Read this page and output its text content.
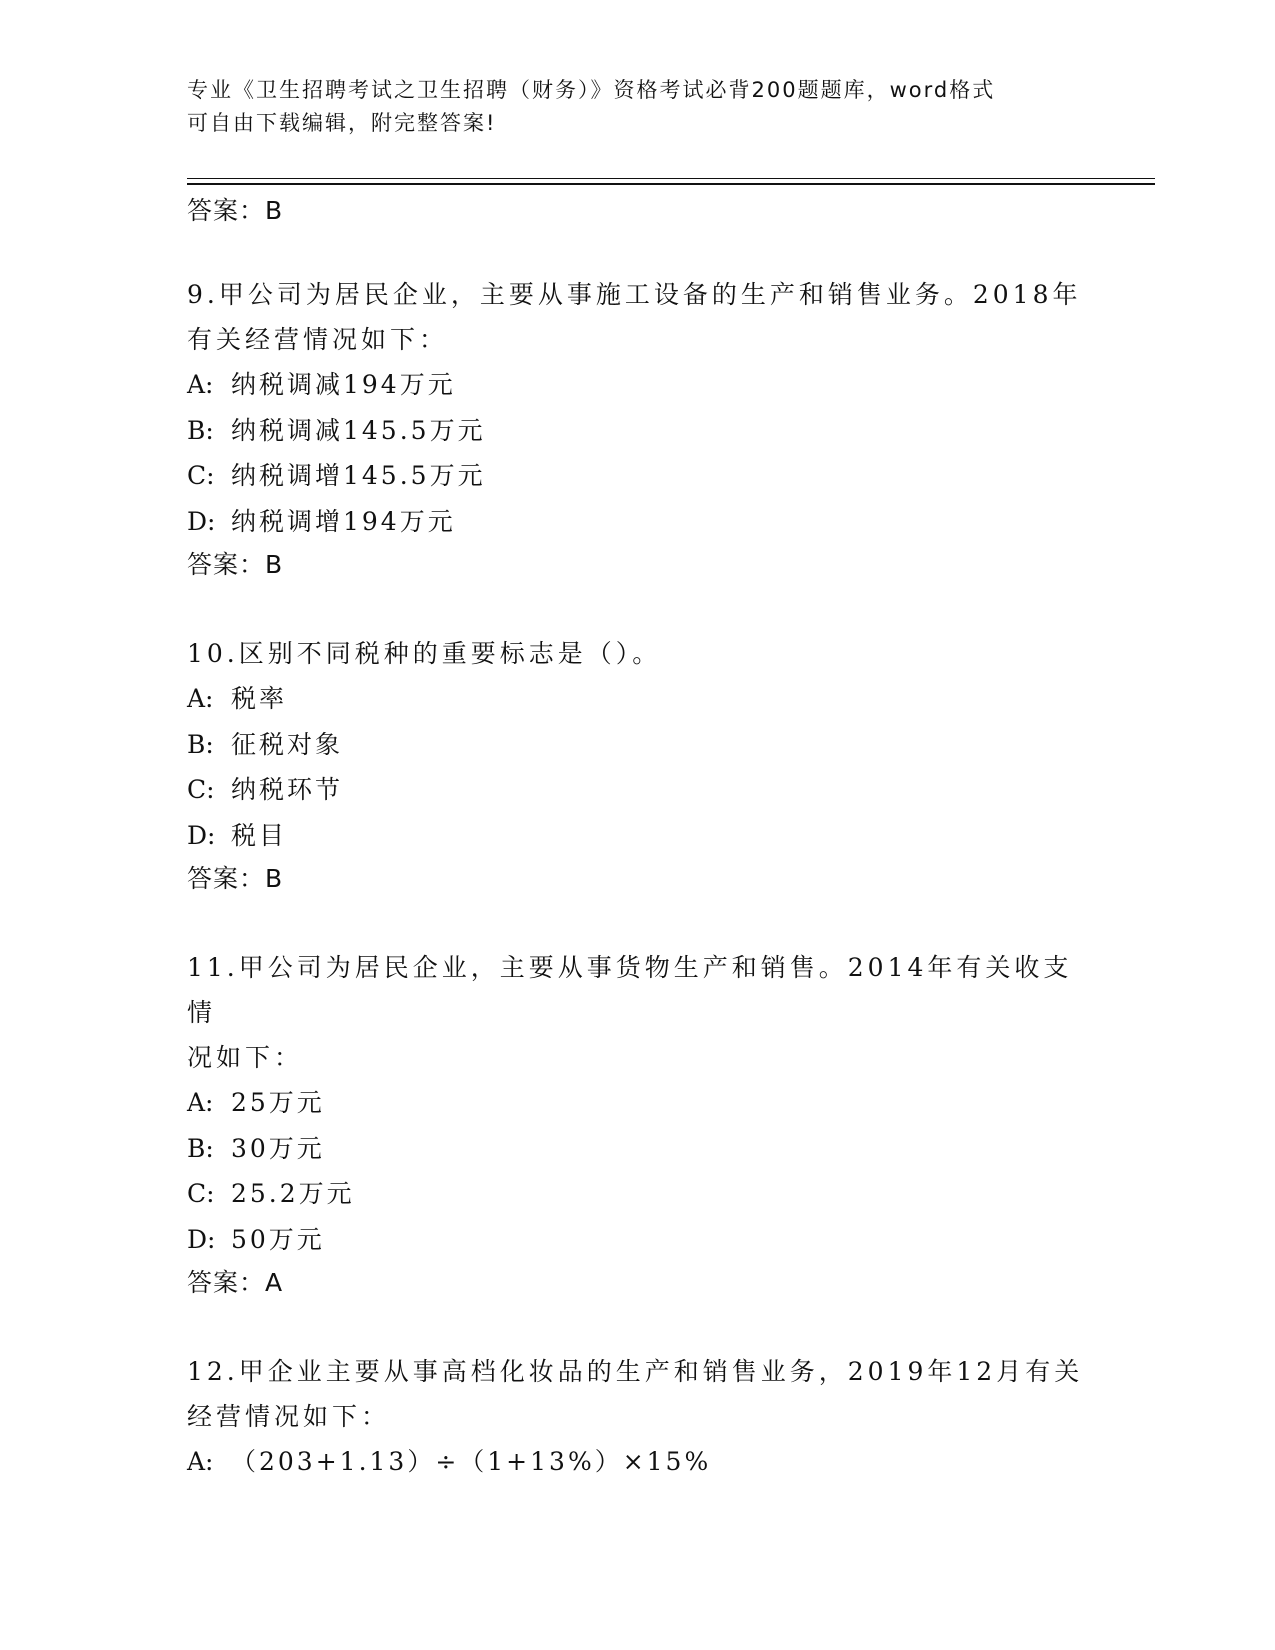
专业《卫生招聘考试之卫生招聘（财务）》资格考试必背200题题库，word格式
可自由下载编辑，附完整答案!
答案：B
9.甲公司为居民企业，主要从事施工设备的生产和销售业务。2018年
有关经营情况如下：
A: 纳税调减194万元
B: 纳税调减145.5万元
C: 纳税调增145.5万元
D: 纳税调增194万元
答案：B
10.区别不同税种的重要标志是（）。
A: 税率
B: 征税对象
C: 纳税环节
D: 税目
答案：B
11.甲公司为居民企业，主要从事货物生产和销售。2014年有关收支情
况如下：
A: 25万元
B: 30万元
C: 25.2万元
D: 50万元
答案：A
12.甲企业主要从事高档化妆品的生产和销售业务，2019年12月有关
经营情况如下：
A: （203+1.13）÷（1+13%）×15%
